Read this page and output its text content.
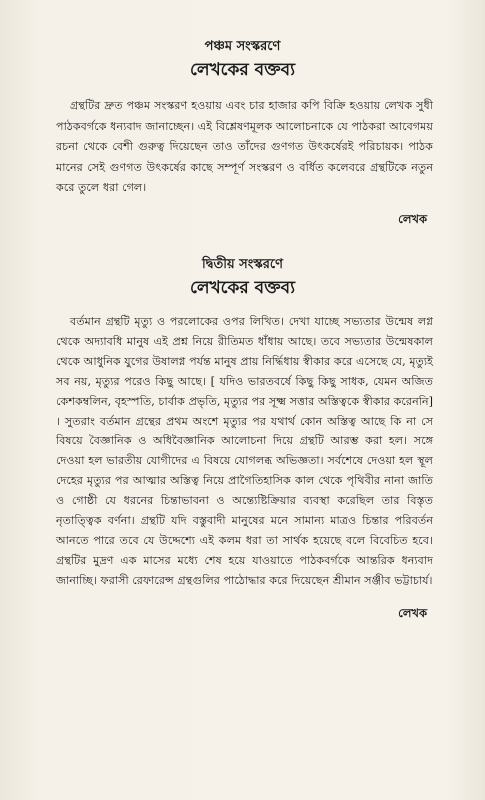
পঞ্চম সংস্করণে

লেখকের বক্তব্য

গ্রন্থটির দ্রুত পঞ্চম সংস্করণ হওয়ায় এবং চার হাজার কপি বিক্রি হওয়ায় লেখক সুধী পাঠকবর্গকে ধন্যবাদ জানাচ্ছেন। এই বিশ্লেষণমূলক আলোচনাকে যে পাঠকরা আবেগময় রচনা থেকে বেশী গুরুত্ব দিয়েছেন তাও তাঁদের গুণগত উৎকর্ষেরই পরিচায়ক। পাঠক মানের সেই গুণগত উৎকর্ষের কাছে সম্পূর্ণ সংস্করণ ও বর্ধিত কলেবরে গ্রন্থটিকে নতুন করে তুলে ধরা গেল।

লেখক

দ্বিতীয় সংস্করণে

লেখকের বক্তব্য

বর্তমান গ্রন্থটি মৃত্যু ও পরলোকের ওপর লিখিত। দেখা যাচ্ছে সভ্যতার উন্মেষ লগ্ন থেকে অদ্যাবধি মানুষ এই প্রশ্ন নিয়ে রীতিমত ধাঁধায় আছে। তবে সভ্যতার উন্মেষকাল থেকে আধুনিক যুগের উষালগ্ন পর্যন্ত মানুষ প্রায় নির্দ্ধিধায় স্বীকার করে এসেছে যে, মৃত্যুই সব নয়, মৃত্যুর পরেও কিছু আছে। [ যদিও ভারতবর্ষে কিছু কিছু সাধক, যেমন অজিত কেশকম্বলিন, বৃহস্পতি, চার্বাক প্রভৃতি, মৃত্যুর পর সূক্ষ্ম সত্তার অস্তিত্বকে স্বীকার করেননি] । সুতরাং বর্তমান গ্রন্থের প্রথম অংশে মৃত্যুর পর যথার্থ কোন অস্তিত্ব আছে কি না সে বিষয়ে বৈজ্ঞানিক ও অধিবৈজ্ঞানিক আলোচনা দিয়ে গ্রন্থটি আরম্ভ করা হল। সঙ্গে দেওয়া হল ভারতীয় যোগীদের এ বিষয়ে যোগলব্ধ অভিজ্ঞতা। সর্বশেষে দেওয়া হল স্থূল দেহের মৃত্যুর পর আত্মার অস্তিত্ব নিয়ে প্রাগৈতিহাসিক কাল থেকে পৃথিবীর নানা জাতি ও গোষ্ঠী যে ধরনের চিন্তাভাবনা ও অন্ত্যেষ্টিক্রিয়ার ব্যবস্থা করেছিল তার বিস্তৃত নৃতাত্ত্বিক বর্ণনা। গ্রন্থটি যদি বস্তুবাদী মানুষের মনে সামান্য মাত্রও চিন্তার পরিবর্তন আনতে পারে তবে যে উদ্দেশ্যে এই কলম ধরা তা সার্থক হয়েছে বলে বিবেচিত হবে। গ্রন্থটির মুদ্রণ এক মাসের মধ্যে শেষ হয়ে যাওয়াতে পাঠকবর্গকে আন্তরিক ধন্যবাদ জানাচ্ছি। ফরাসী রেফারেন্স গ্রন্থগুলির পাঠোদ্ধার করে দিয়েছেন শ্রীমান সঞ্জীব ভট্টাচার্য।

লেখক
